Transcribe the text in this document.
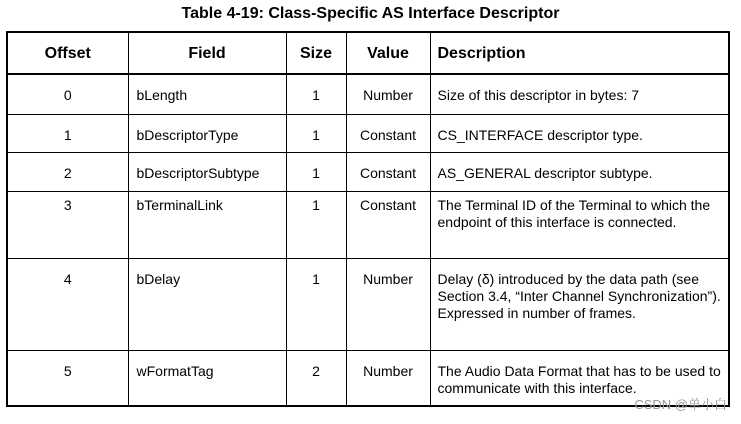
Table 4-19: Class-Specific AS Interface Descriptor
Offset	Field	Size	Value	Description
0	bLength	1	Number	Size of this descriptor in bytes: 7
1	bDescriptorType	1	Constant	CS_INTERFACE descriptor type.
2	bDescriptorSubtype	1	Constant	AS_GENERAL descriptor subtype.
3	bTerminalLink	1	Constant	The Terminal ID of the Terminal to which the endpoint of this interface is connected.
4	bDelay	1	Number	Delay (δ) introduced by the data path (see Section 3.4, “Inter Channel Synchronization”). Expressed in number of frames.
5	wFormatTag	2	Number	The Audio Data Format that has to be used to communicate with this interface.
CSDN @单小白
